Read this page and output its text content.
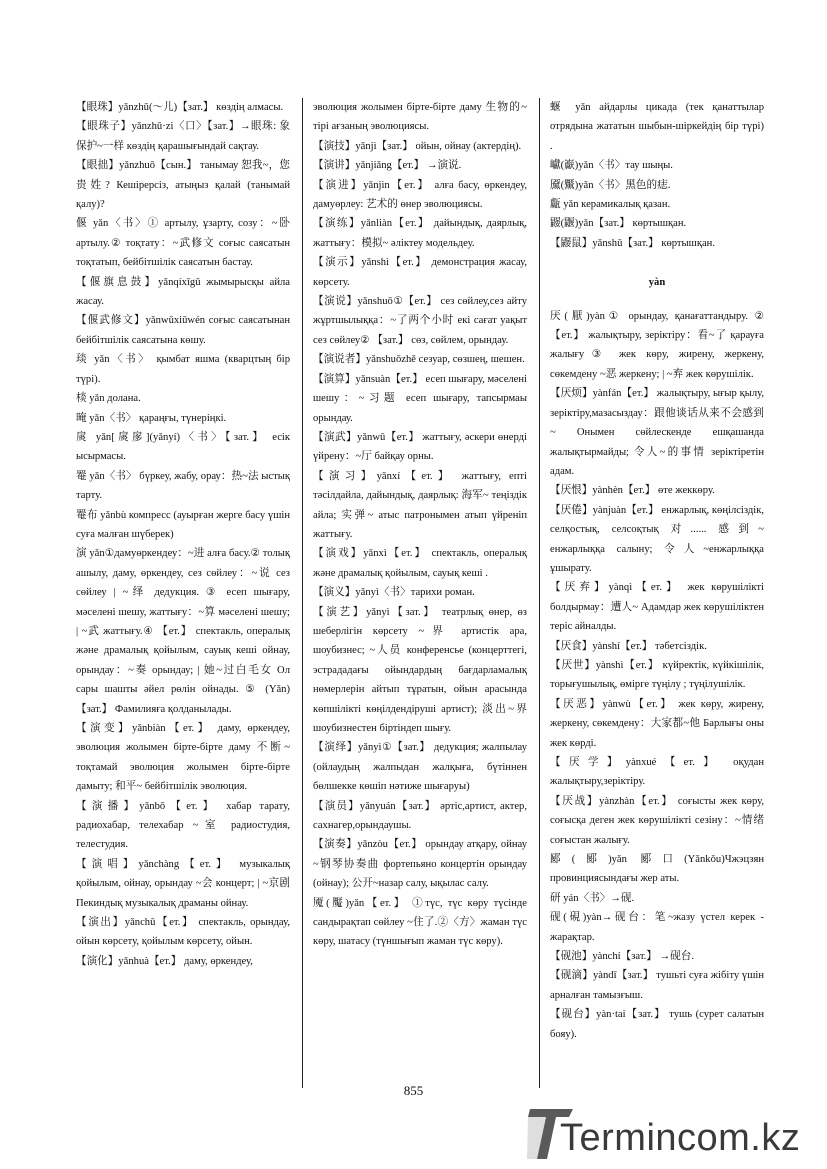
【眼珠】yǎnzhū(～儿)【зат.】 көздің алмасы.

【眼珠子】yǎnzhū·zi〈口〉【зат.】→眼珠: 象保护~一样 көздің қарашығындай сақтау.

【眼拙】yǎnzhuō【сын.】 танымау 恕我~，您贵姓? Кешірерсіз, атыңыз қалай (танымай қалу)?

偃 yǎn〈书〉① артылу, ұзарту, созу：~卧 артылу.② тоқтату：~武修文 соғыс саясатын тоқтатып, бейбітшілік саясатын бастау.

【偃旗息鼓】yǎnqíxīgǔ жымырысқы айла жасау.

【偃武修文】yǎnwǔxiūwén соғыс саясатынан бейбітшілік саясатына көшу.

琰 yǎn〈书〉 қымбат яшма (кварцтың бір түрі).

棪 yǎn долана.

晻 yǎn〈书〉 қараңғы, түнеріңкі.

扊 yǎn[扊扅](yǎnyí)〈书〉【зат.】 есік ысырмасы.

罨 yǎn〈书〉 бүркеу, жабу, орау：热~法 ыстық тарту.

罨布 yǎnbù компресс (ауырған жерге басу үшін суға малған шүберек)

演 yǎn①дамуөркендеу：~进 алға басу.② толық ашылу, даму, өркендеу, сез сөйлеу：~说 сез сөйлеу | ~绎 дедукция. ③ есеп шығару, мәселені шешу, жаттығу：~算 мәселені шешу; | ~武 жаттығу.④ 【ет.】 спектакль, опералық және драмалық қойылым, сауық кеші ойнау, орындау：~奏 орындау; | 她~过白毛女 Ол сары шашты әйел рөлін ойнады. ⑤ (Yǎn) 【зат.】 Фамилияға қолданылады.

【演变】yǎnbiàn【ет.】 даму, өркендеу, эволюция жолымен бірте-бірте даму 不断~ тоқтамай эволюция жолымен бірте-бірте дамыту; 和平~ бейбітшілік эволюция.

【演播】yǎnbō【ет.】 хабар тарату, радиохабар, телехабар ~室 радиостудия, телестудия.

【演唱】yǎnchàng【ет.】 музыкалық қойылым, ойнау, орындау ~会 концерт; | ~京剧 Пекиндық музыкалық драманы ойнау.

【演出】yǎnchū【ет.】 спектакль, орындау, ойын көрсету, қойылым көрсету, ойын.

【演化】yǎnhuà【ет.】 даму, өркендеу,

эволюция жолымен бірте-бірте даму 生物的~ тірі ағзаның эволюциясы.

【演技】yǎnjì【зат.】 ойын, ойнау (актердің).

【演讲】yǎnjiǎng【ет.】 →演说.

【演进】yǎnjìn【ет.】 алға басу, өркендеу, дамуөрлеу: 艺术的 өнер эволюциясы.

【演练】yǎnliàn【ет.】 дайындық, даярлық, жаттығу：模拟~ әліктеу модельдеу.

【演示】yǎnshì【ет.】 демонстрация жасау, көрсету.

【演说】yǎnshuō①【ет.】 сез сөйлеу,сез айту жұртшылыққа：~了两个小时 екі сағат уақыт сез сөйлеу② 【зат.】 сөз, сөйлем, орындау.

【演说者】yǎnshuōzhě сезуар, сөзшең, шешен.

【演算】yǎnsuàn【ет.】 есеп шығару, мәселені шешу：~习题 есеп шығару, тапсырмаы орындау.

【演武】yǎnwǔ【ет.】 жаттығу, әскери өнерді үйрену：~厅 байқау орны.

【演习】yǎnxí【ет.】 жаттығу, епті тәсілдайла, дайындық, даярлық: 海军~ теңіздік айла; 实弹~ атыс патронымен атып үйреніп жаттығу.

【演戏】yǎnxì【ет.】 спектакль, опералық және драмалық қойылым, сауық кеші .

【演义】yǎnyì〈书〉тарихи роман.

【演艺】yǎnyì【зат.】 театрлық өнер, өз шеберлігін көрсету ~界 артистік ара, шоубизнес; ~人员 конференсье (концерттегі, эстрададағы ойындардың бағдарламалық нөмерлерін айтып тұратын, ойын арасында көпшілікті көңілдендіруші артист); 淡出~界 шоубизнестен біртіндеп шығу.

【演绎】yǎnyì①【зат.】 дедукция; жалпылау (ойлаудың жалпыдан жалқыға, бүтіннен бөлшекке көшіп нәтиже шығаруы)

【演员】yǎnyuán【зат.】 әртіс,артист, актер, сахнагер,орындаушы.

【演奏】yǎnzòu【ет.】 орындау атқару, ойнау ~钢琴协奏曲 фортепьяно концертін орындау (ойнау); 公开~назар салу, ықылас салу.

魇(魘)yǎn【ет.】 ①түс, түс көру түсінде сандырақтап сөйлеу ~住了.②〈方〉жаман түс көру, шатасу (түншығып жаман түс көру).

蝘 yǎn айдарлы цикада (тек қанаттылар отрядына жататын шыбын-шіркейдің бір түрі) .

巘(巚)yǎn〈书〉тау шыңы.

黡(黶)yǎn〈书〉黑色的痣.

甗 yǎn керамикалық қазан.

鼹(鼴)yǎn【зат.】 көртышқан.

【鼹鼠】yǎnshǔ【зат.】 көртышқан.

yàn

厌(厭)yàn① орындау, қанағаттандыру. ②【ет.】 жалықтыру, зеріктіру：看~了 қарауға жалығу③ жек көру, жирену, жеркену, сөкемдену ~恶 жеркену; | ~弃 жек көрушілік.

【厌烦】yànfán【ет.】 жалықтыру, ығыр қылу, зеріктіру,мазасыздау：跟他谈话从来不会感到~ Онымен сөйлескенде ешқашанда жалықтырмайды; 令人~的事情 зеріктіретін адам.

【厌恨】yànhèn【ет.】 өте жеккөру.

【厌倦】yànjuàn【ет.】 енжарлық, көңілсіздік, селқостық, селсоқтық 对...... 感到~ енжарлыққа салыну; 令人~енжарлыққа ұшырату.

【厌弃】yànqì【ет.】 жек көрушілікті болдырмау：遭人~ Адамдар жек көрушіліктен теріс айналды.

【厌食】yànshí【ет.】 тәбетсіздік.

【厌世】yànshì【ет.】 күйректік, күйкішілік, торығушылық, өмірге түңілу ; түңілушілік.

【厌恶】yànwù【ет.】 жек көру, жирену, жеркену, сөкемдену：大家都~他 Барлығы оны жек көрді.

【厌学】yànxué【ет.】 оқудан жалықтыру,зеріктіру.

【厌战】yànzhàn【ет.】 соғысты жек көру, соғысқа деген жек көрушілікті сезіну：~情绪 соғыстан жалығу.

郾(郾)yǎn 郾口(Yǎnkǒu)Чжэцзян провинциясындағы жер аты.

研 yán〈书〉→砚.

砚(硯)yàn→砚台：笔~жазу үстел керек - жарақтар.

【砚池】yànchí【зат.】 →砚台.

【砚滴】yàndī【зат.】 тушьті суға жібіту үшін арналған тамызғыш.

【砚台】yàn·tai【зат.】 тушь (сурет салатын бояу).

855
Termincom.kz
